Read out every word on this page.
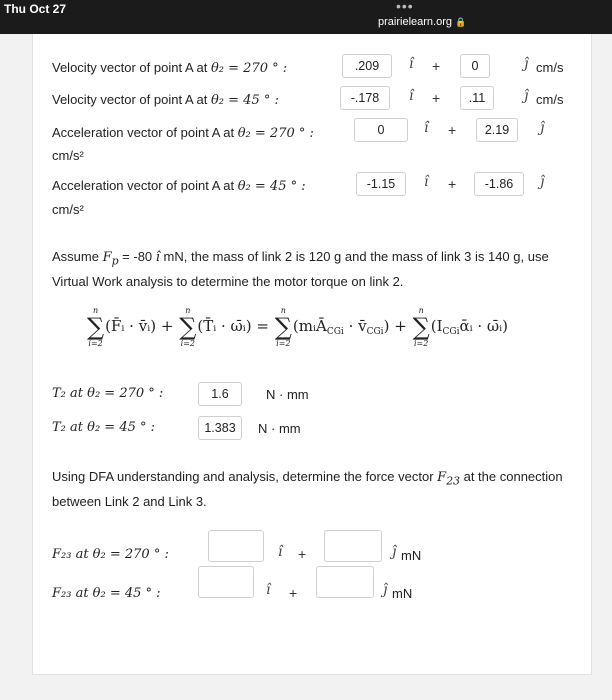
Thu Oct 27	•••
prairielearn.org 🔒
Velocity vector of point A at θ₂ = 270 ° :	.209	î +	0	ĵ cm/s
Velocity vector of point A at θ₂ = 45 ° :	-.178	î +	.11	ĵ cm/s
Acceleration vector of point A at θ₂ = 270 ° :	0	î +	2.19	ĵ
cm/s²
Acceleration vector of point A at θ₂ = 45 ° :	-1.15	î +	-1.86	ĵ
cm/s²
Assume $F_p = -80$ î mN, the mass of link 2 is 120 g and the mass of link 3 is 140 g, use Virtual Work analysis to determine the motor torque on link 2.
n
∑
i=2
(F̄ᵢ · v̄ᵢ) +
n
∑
i=2
(T̄ᵢ · ω̄ᵢ) =
n
∑
i=2
(mᵢĀ$_{CGi}$ · $v̄_{CGi}$) +
n
∑
i=2
($I_{CGi}ᾱᵢ$ · ω̄ᵢ)
T₂ at θ₂ = 270 ° :	1.6	N · mm
T₂ at θ₂ = 45 ° :	1.383	N · mm
Using DFA understanding and analysis, determine the force vector $F_{23}$ at the connection between Link 2 and Link 3.
F₂₃ at θ₂ = 270 ° :	î +	ĵ mN
F₂₃ at θ₂ = 45 ° :	î +	ĵ mN
